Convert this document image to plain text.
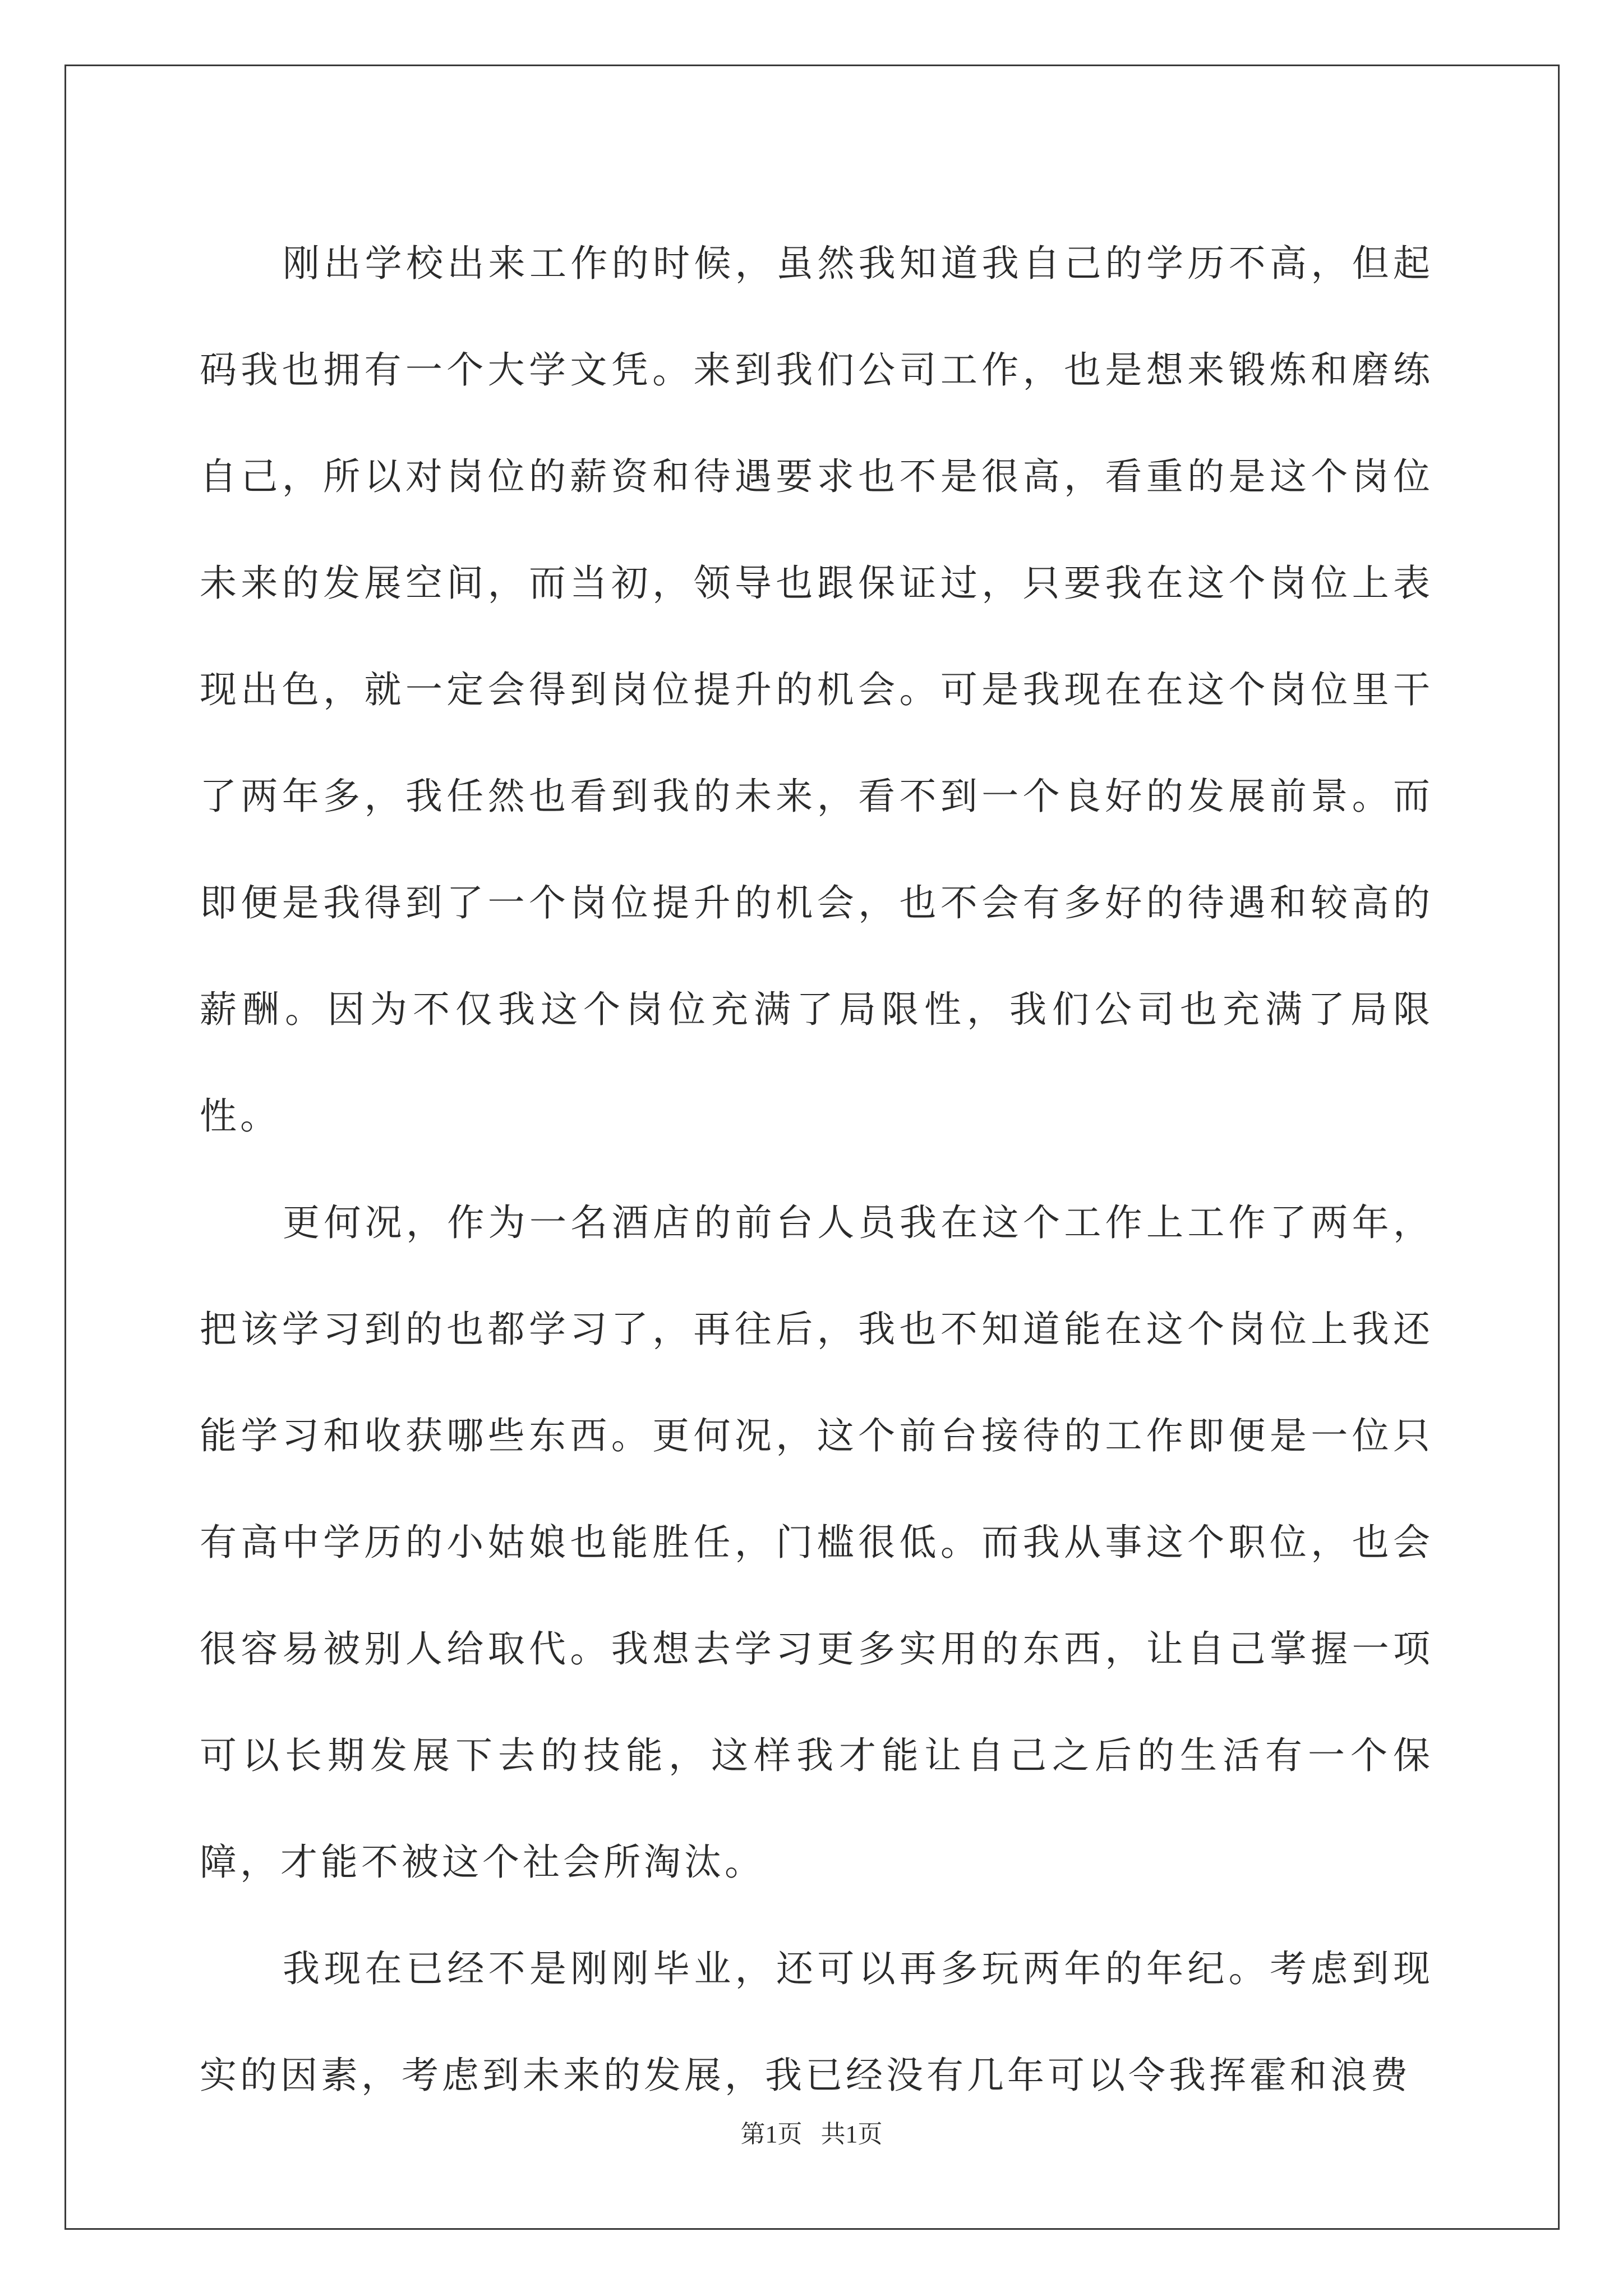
刚出学校出来工作的时候，虽然我知道我自己的学历不高，但起码我也拥有一个大学文凭。来到我们公司工作，也是想来锻炼和磨练自己，所以对岗位的薪资和待遇要求也不是很高，看重的是这个岗位未来的发展空间，而当初，领导也跟保证过，只要我在这个岗位上表现出色，就一定会得到岗位提升的机会。可是我现在在这个岗位里干了两年多，我任然也看到我的未来，看不到一个良好的发展前景。而即便是我得到了一个岗位提升的机会，也不会有多好的待遇和较高的薪酬。因为不仅我这个岗位充满了局限性，我们公司也充满了局限性。

更何况，作为一名酒店的前台人员我在这个工作上工作了两年，把该学习到的也都学习了，再往后，我也不知道能在这个岗位上我还能学习和收获哪些东西。更何况，这个前台接待的工作即便是一位只有高中学历的小姑娘也能胜任，门槛很低。而我从事这个职位，也会很容易被别人给取代。我想去学习更多实用的东西，让自己掌握一项可以长期发展下去的技能，这样我才能让自己之后的生活有一个保障，才能不被这个社会所淘汰。

我现在已经不是刚刚毕业，还可以再多玩两年的年纪。考虑到现实的因素，考虑到未来的发展，我已经没有几年可以令我挥霍和浪费

第1页   共1页
